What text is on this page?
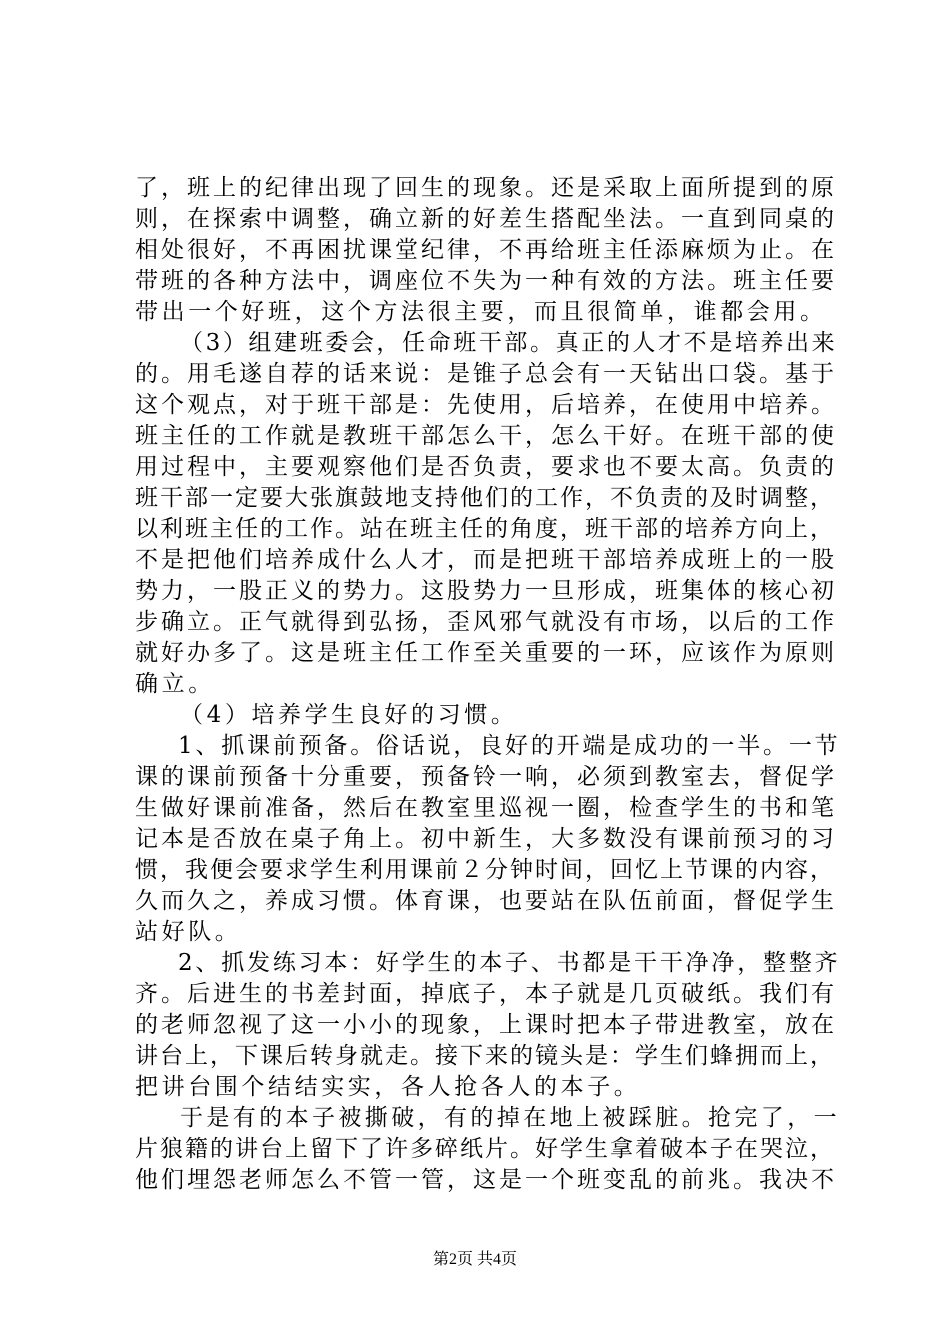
了，班上的纪律出现了回生的现象。还是采取上面所提到的原
则，在探索中调整，确立新的好差生搭配坐法。一直到同桌的
相处很好，不再困扰课堂纪律，不再给班主任添麻烦为止。在
带班的各种方法中，调座位不失为一种有效的方法。班主任要
带出一个好班，这个方法很主要，而且很简单，谁都会用。
（3）组建班委会，任命班干部。真正的人才不是培养出来
的。用毛遂自荐的话来说：是锥子总会有一天钻出口袋。基于
这个观点，对于班干部是：先使用，后培养，在使用中培养。
班主任的工作就是教班干部怎么干，怎么干好。在班干部的使
用过程中，主要观察他们是否负责，要求也不要太高。负责的
班干部一定要大张旗鼓地支持他们的工作，不负责的及时调整，
以利班主任的工作。站在班主任的角度，班干部的培养方向上，
不是把他们培养成什么人才，而是把班干部培养成班上的一股
势力，一股正义的势力。这股势力一旦形成，班集体的核心初
步确立。正气就得到弘扬，歪风邪气就没有市场，以后的工作
就好办多了。这是班主任工作至关重要的一环，应该作为原则
确立。
（4）培养学生良好的习惯。
1、抓课前预备。俗话说，良好的开端是成功的一半。一节
课的课前预备十分重要，预备铃一响，必须到教室去，督促学
生做好课前准备，然后在教室里巡视一圈，检查学生的书和笔
记本是否放在桌子角上。初中新生，大多数没有课前预习的习
惯，我便会要求学生利用课前２分钟时间，回忆上节课的内容，
久而久之，养成习惯。体育课，也要站在队伍前面，督促学生
站好队。
2、抓发练习本：好学生的本子、书都是干干净净，整整齐
齐。后进生的书差封面，掉底子，本子就是几页破纸。我们有
的老师忽视了这一小小的现象，上课时把本子带进教室，放在
讲台上，下课后转身就走。接下来的镜头是：学生们蜂拥而上，
把讲台围个结结实实，各人抢各人的本子。
于是有的本子被撕破，有的掉在地上被踩脏。抢完了，一
片狼籍的讲台上留下了许多碎纸片。好学生拿着破本子在哭泣，
他们埋怨老师怎么不管一管，这是一个班变乱的前兆。我决不
第2页 共4页
